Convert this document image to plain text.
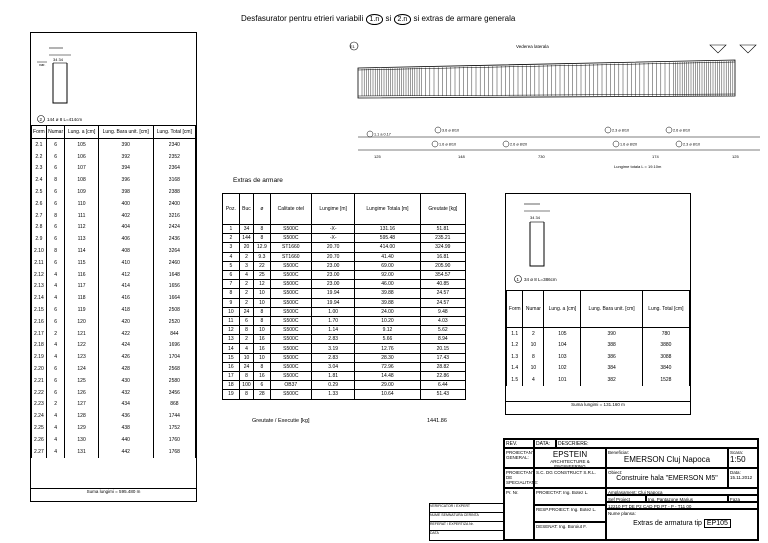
Desfasurator pentru etrieri variabili 1.n si 2.n si extras de armare generala
var.
34 34
2 144 ø 8 L=414cm
Form	Numar	Lung. a [cm]	Lung. Bara unit. [cm]	Lung. Total [cm]
2.1	6	105	390	2340
2.2	6	106	392	2352
2.3	6	107	394	2364
2.4	8	108	396	3168
2.5	6	109	398	2388
2.6	6	110	400	2400
2.7	8	111	402	3216
2.8	6	112	404	2424
2.9	6	113	406	2436
2.10	8	114	408	3264
2.11	6	115	410	2460
2.12	4	116	412	1648
2.13	4	117	414	1656
2.14	4	118	416	1664
2.15	6	119	418	2508
2.16	6	120	420	2520
2.17	2	121	422	844
2.18	4	122	424	1696
2.19	4	123	426	1704
2.20	6	124	428	2568
2.21	6	125	430	2580
2.22	6	126	432	3456
2.23	2	127	434	868
2.24	4	128	436	1744
2.25	4	129	438	1752
2.26	4	130	440	1760
2.27	4	131	442	1768
Suma lungimi = 595.480 m
E1	Vederea laterala
1.1 a 0.17
3.6 ø 8/10
1.6 ø 8/10	2.6 ø 8/20
2.3 ø 8/10
1.6 ø 8/20
2.6 ø 8/10
2.3 ø 8/10
125	148	730	174	125
Lungime totala L = 19.10m
Extras de armare
Poz.	Buc	ø	Calitate otel	Lungime [m]	Lungime Totala [m]	Greutate [kg]
1	34	8	S500C	-X-	131.16	51.81
2	144	8	S500C	-X-	595.48	235.21
3	20	12.9	ST1660	20.70	414.00	324.99
4	2	9.3	ST1660	20.70	41.40	16.81
5	3	22	S500C	23.00	69.00	205.90
6	4	25	S500C	23.00	92.00	354.57
7	2	12	S500C	23.00	46.00	40.85
8	2	10	S500C	19.94	39.88	24.57
9	2	10	S500C	19.94	39.88	24.57
10	24	8	S500C	1.00	24.00	9.48
11	6	8	S500C	1.70	10.20	4.03
12	8	10	S500C	1.14	9.12	5.62
13	2	16	S500C	2.83	5.66	8.94
14	4	16	S500C	3.19	12.76	20.15
15	10	10	S500C	2.83	28.30	17.43
16	24	8	S500C	3.04	72.96	28.82
17	8	16	S500C	1.81	14.48	22.86
18	100	6	OB37	0.29	29.00	6.44
19	8	28	S500C	1.33	10.64	51.43
Greutate / Executie [kg]	1441.86
34 34
1 34 ø 8 L=386cm
Form	Numar	Lung. a [cm]	Lung. Bara unit. [cm]	Lung. Total [cm]
1.1	2	105	390	780
1.2	10	104	388	3880
1.3	8	103	386	3088
1.4	10	102	384	3840
1.5	4	101	382	1528
Suma lungimi = 131.160 m
VERIFICATOR / EXPERT
NUME SEMNATURA CERINTA
REFERAT / EXPERTIZA Nr.
DATA
REV.	DATA:	DESCRIERE:
PROIECTANT GENERAL:	EPSTEIN
ARCHITECTURE & ENGINEERING
Beneficiar:
EMERSON Cluj Napoca
Scara:
1:50
PROIECTANT DE
SPECIALITATE:
S.C. DG CONSTRUCT S.R.L.	Obiect:
Construire hala "EMERSON M5"
Data:
15.11.2012
Amplasament: Cluj Napoca
Sef Proiect	Ing. Pantazone Marius	Faza
12210 PT DE P2 CAD PD PT - P - T11 00
Pr. Nr.	PROIECTAT: Ing. Botez L.
RESP.PROIECT: Ing. Botez L.
DESENAT: Ing. Boroiut F.
Nume plansa:
Extras de armatura tip EP105
